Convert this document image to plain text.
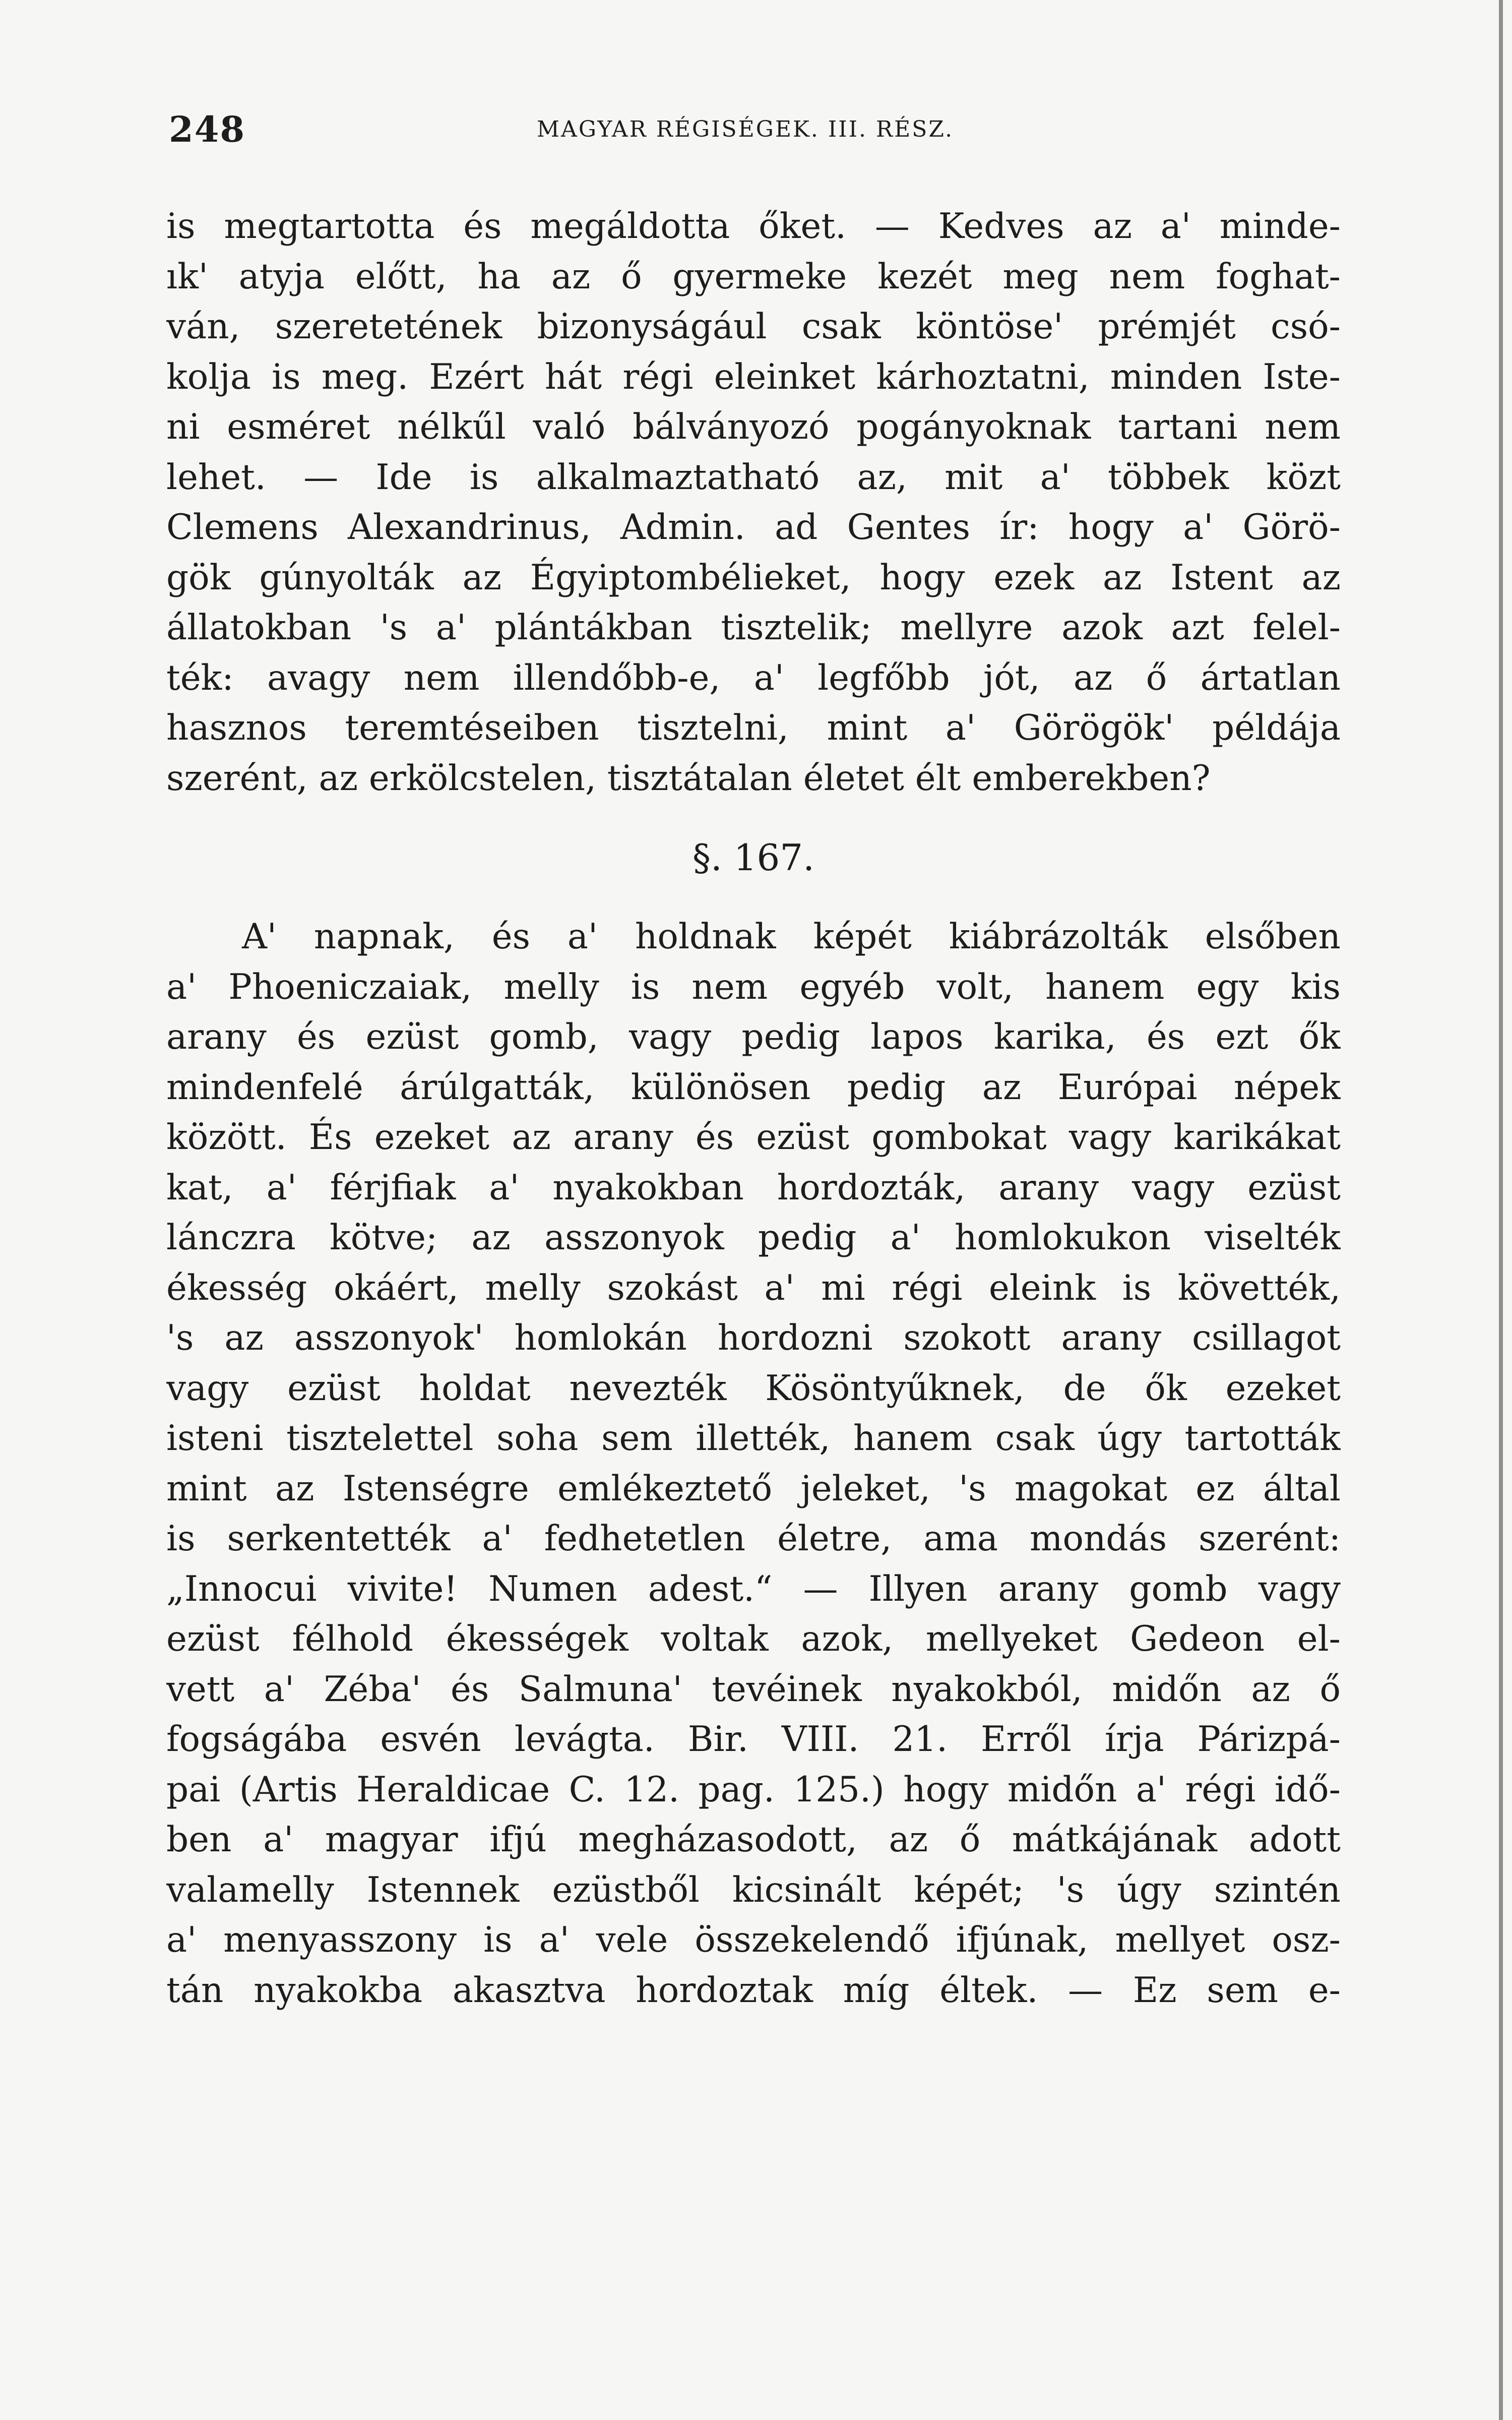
248	MAGYAR RÉGISÉGEK. III. RÉSZ.
is megtartotta és megáldotta őket. — Kedves az a' minde-
ık' atyja előtt, ha az ő gyermeke kezét meg nem foghat-
ván, szeretetének bizonyságául csak köntöse' prémjét csó-
kolja is meg. Ezért hát régi eleinket kárhoztatni, minden Iste-
ni esméret nélkűl való bálványozó pogányoknak tartani nem
lehet. — Ide is alkalmaztatható az, mit a' többek közt
Clemens Alexandrinus, Admin. ad Gentes ír: hogy a' Görö-
gök gúnyolták az Égyiptombélieket, hogy ezek az Istent az
állatokban 's a' plántákban tisztelik; mellyre azok azt felel-
ték: avagy nem illendőbb-e, a' legfőbb jót, az ő ártatlan
hasznos teremtéseiben tisztelni, mint a' Görögök' példája
szerént, az erkölcstelen, tisztátalan életet élt emberekben?
§. 167.
A' napnak, és a' holdnak képét kiábrázolták elsőben
a' Phoeniczaiak, melly is nem egyéb volt, hanem egy kis
arany és ezüst gomb, vagy pedig lapos karika, és ezt ők
mindenfelé árúlgatták, különösen pedig az Európai népek
között. És ezeket az arany és ezüst gombokat vagy karikákat
kat, a' férjfiak a' nyakokban hordozták, arany vagy ezüst
lánczra kötve; az asszonyok pedig a' homlokukon viselték
ékesség okáért, melly szokást a' mi régi eleink is követték,
's az asszonyok' homlokán hordozni szokott arany csillagot
vagy ezüst holdat nevezték Kösöntyűknek, de ők ezeket
isteni tisztelettel soha sem illették, hanem csak úgy tartották
mint az Istenségre emlékeztető jeleket, 's magokat ez által
is serkentették a' fedhetetlen életre, ama mondás szerént:
„Innocui vivite! Numen adest.“ — Illyen arany gomb vagy
ezüst félhold ékességek voltak azok, mellyeket Gedeon el-
vett a' Zéba' és Salmuna' tevéinek nyakokból, midőn az ő
fogságába esvén levágta. Bir. VIII. 21. Erről írja Párizpá-
pai (Artis Heraldicae C. 12. pag. 125.) hogy midőn a' régi idő-
ben a' magyar ifjú megházasodott, az ő mátkájának adott
valamelly Istennek ezüstből kicsinált képét; 's úgy szintén
a' menyasszony is a' vele összekelendő ifjúnak, mellyet osz-
tán nyakokba akasztva hordoztak míg éltek. — Ez sem e-
